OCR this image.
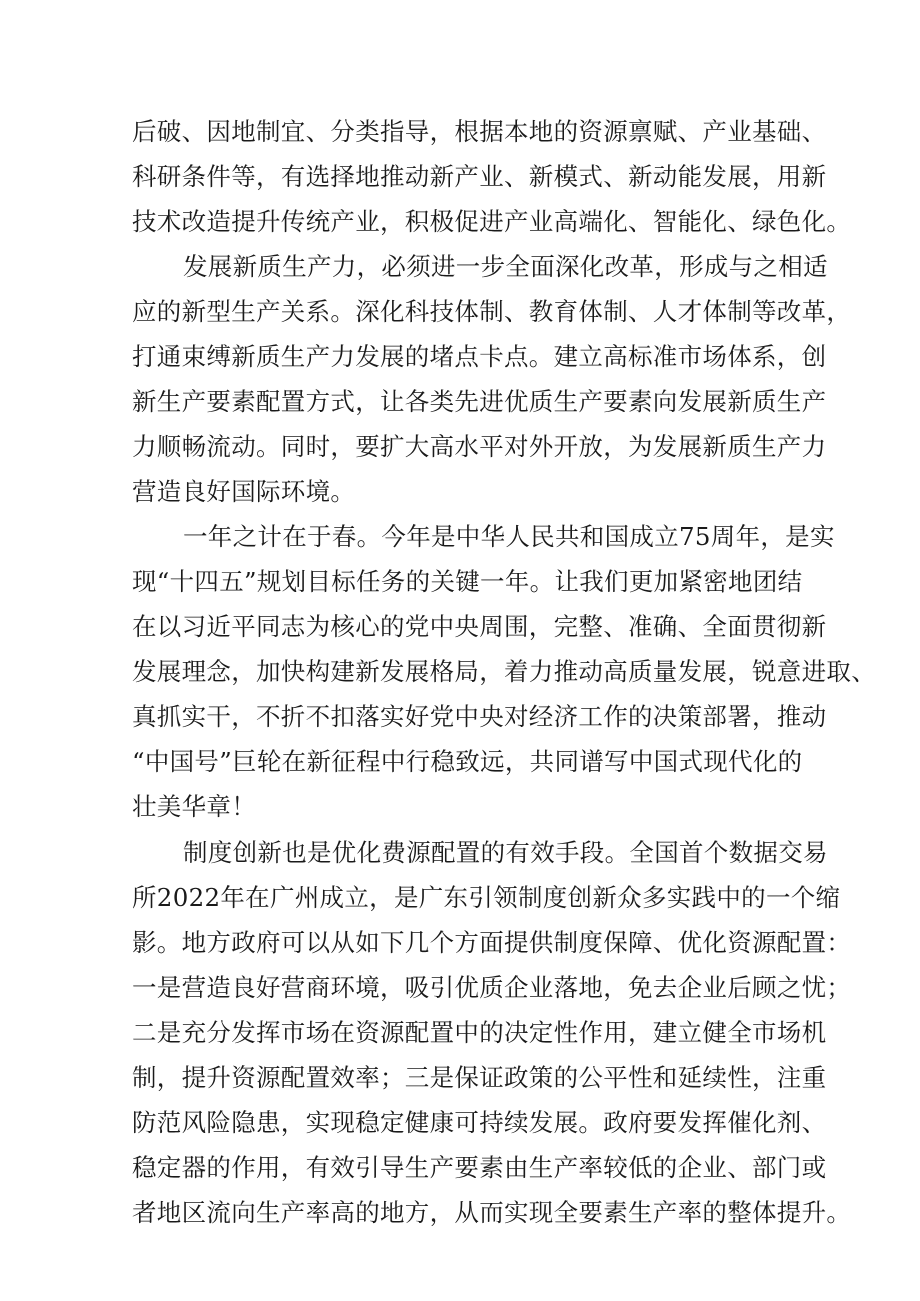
后破、因地制宜、分类指导，根据本地的资源禀赋、产业基础、
科研条件等，有选择地推动新产业、新模式、新动能发展，用新
技术改造提升传统产业，积极促进产业高端化、智能化、绿色化。
发展新质生产力，必须进一步全面深化改革，形成与之相适
应的新型生产关系。深化科技体制、教育体制、人才体制等改革，
打通束缚新质生产力发展的堵点卡点。建立高标准市场体系，创
新生产要素配置方式，让各类先进优质生产要素向发展新质生产
力顺畅流动。同时，要扩大高水平对外开放，为发展新质生产力
营造良好国际环境。
一年之计在于春。今年是中华人民共和国成立75周年，是实
现“十四五”规划目标任务的关键一年。让我们更加紧密地团结
在以习近平同志为核心的党中央周围，完整、准确、全面贯彻新
发展理念，加快构建新发展格局，着力推动高质量发展，锐意进取、
真抓实干，不折不扣落实好党中央对经济工作的决策部署，推动
“中国号”巨轮在新征程中行稳致远，共同谱写中国式现代化的
壮美华章！
制度创新也是优化费源配置的有效手段。全国首个数据交易
所2022年在广州成立，是广东引领制度创新众多实践中的一个缩
影。地方政府可以从如下几个方面提供制度保障、优化资源配置：
一是营造良好营商环境，吸引优质企业落地，免去企业后顾之忧；
二是充分发挥市场在资源配置中的决定性作用，建立健全市场机
制，提升资源配置效率；三是保证政策的公平性和延续性，注重
防范风险隐患，实现稳定健康可持续发展。政府要发挥催化剂、
稳定器的作用，有效引导生产要素由生产率较低的企业、部门或
者地区流向生产率高的地方，从而实现全要素生产率的整体提升。
